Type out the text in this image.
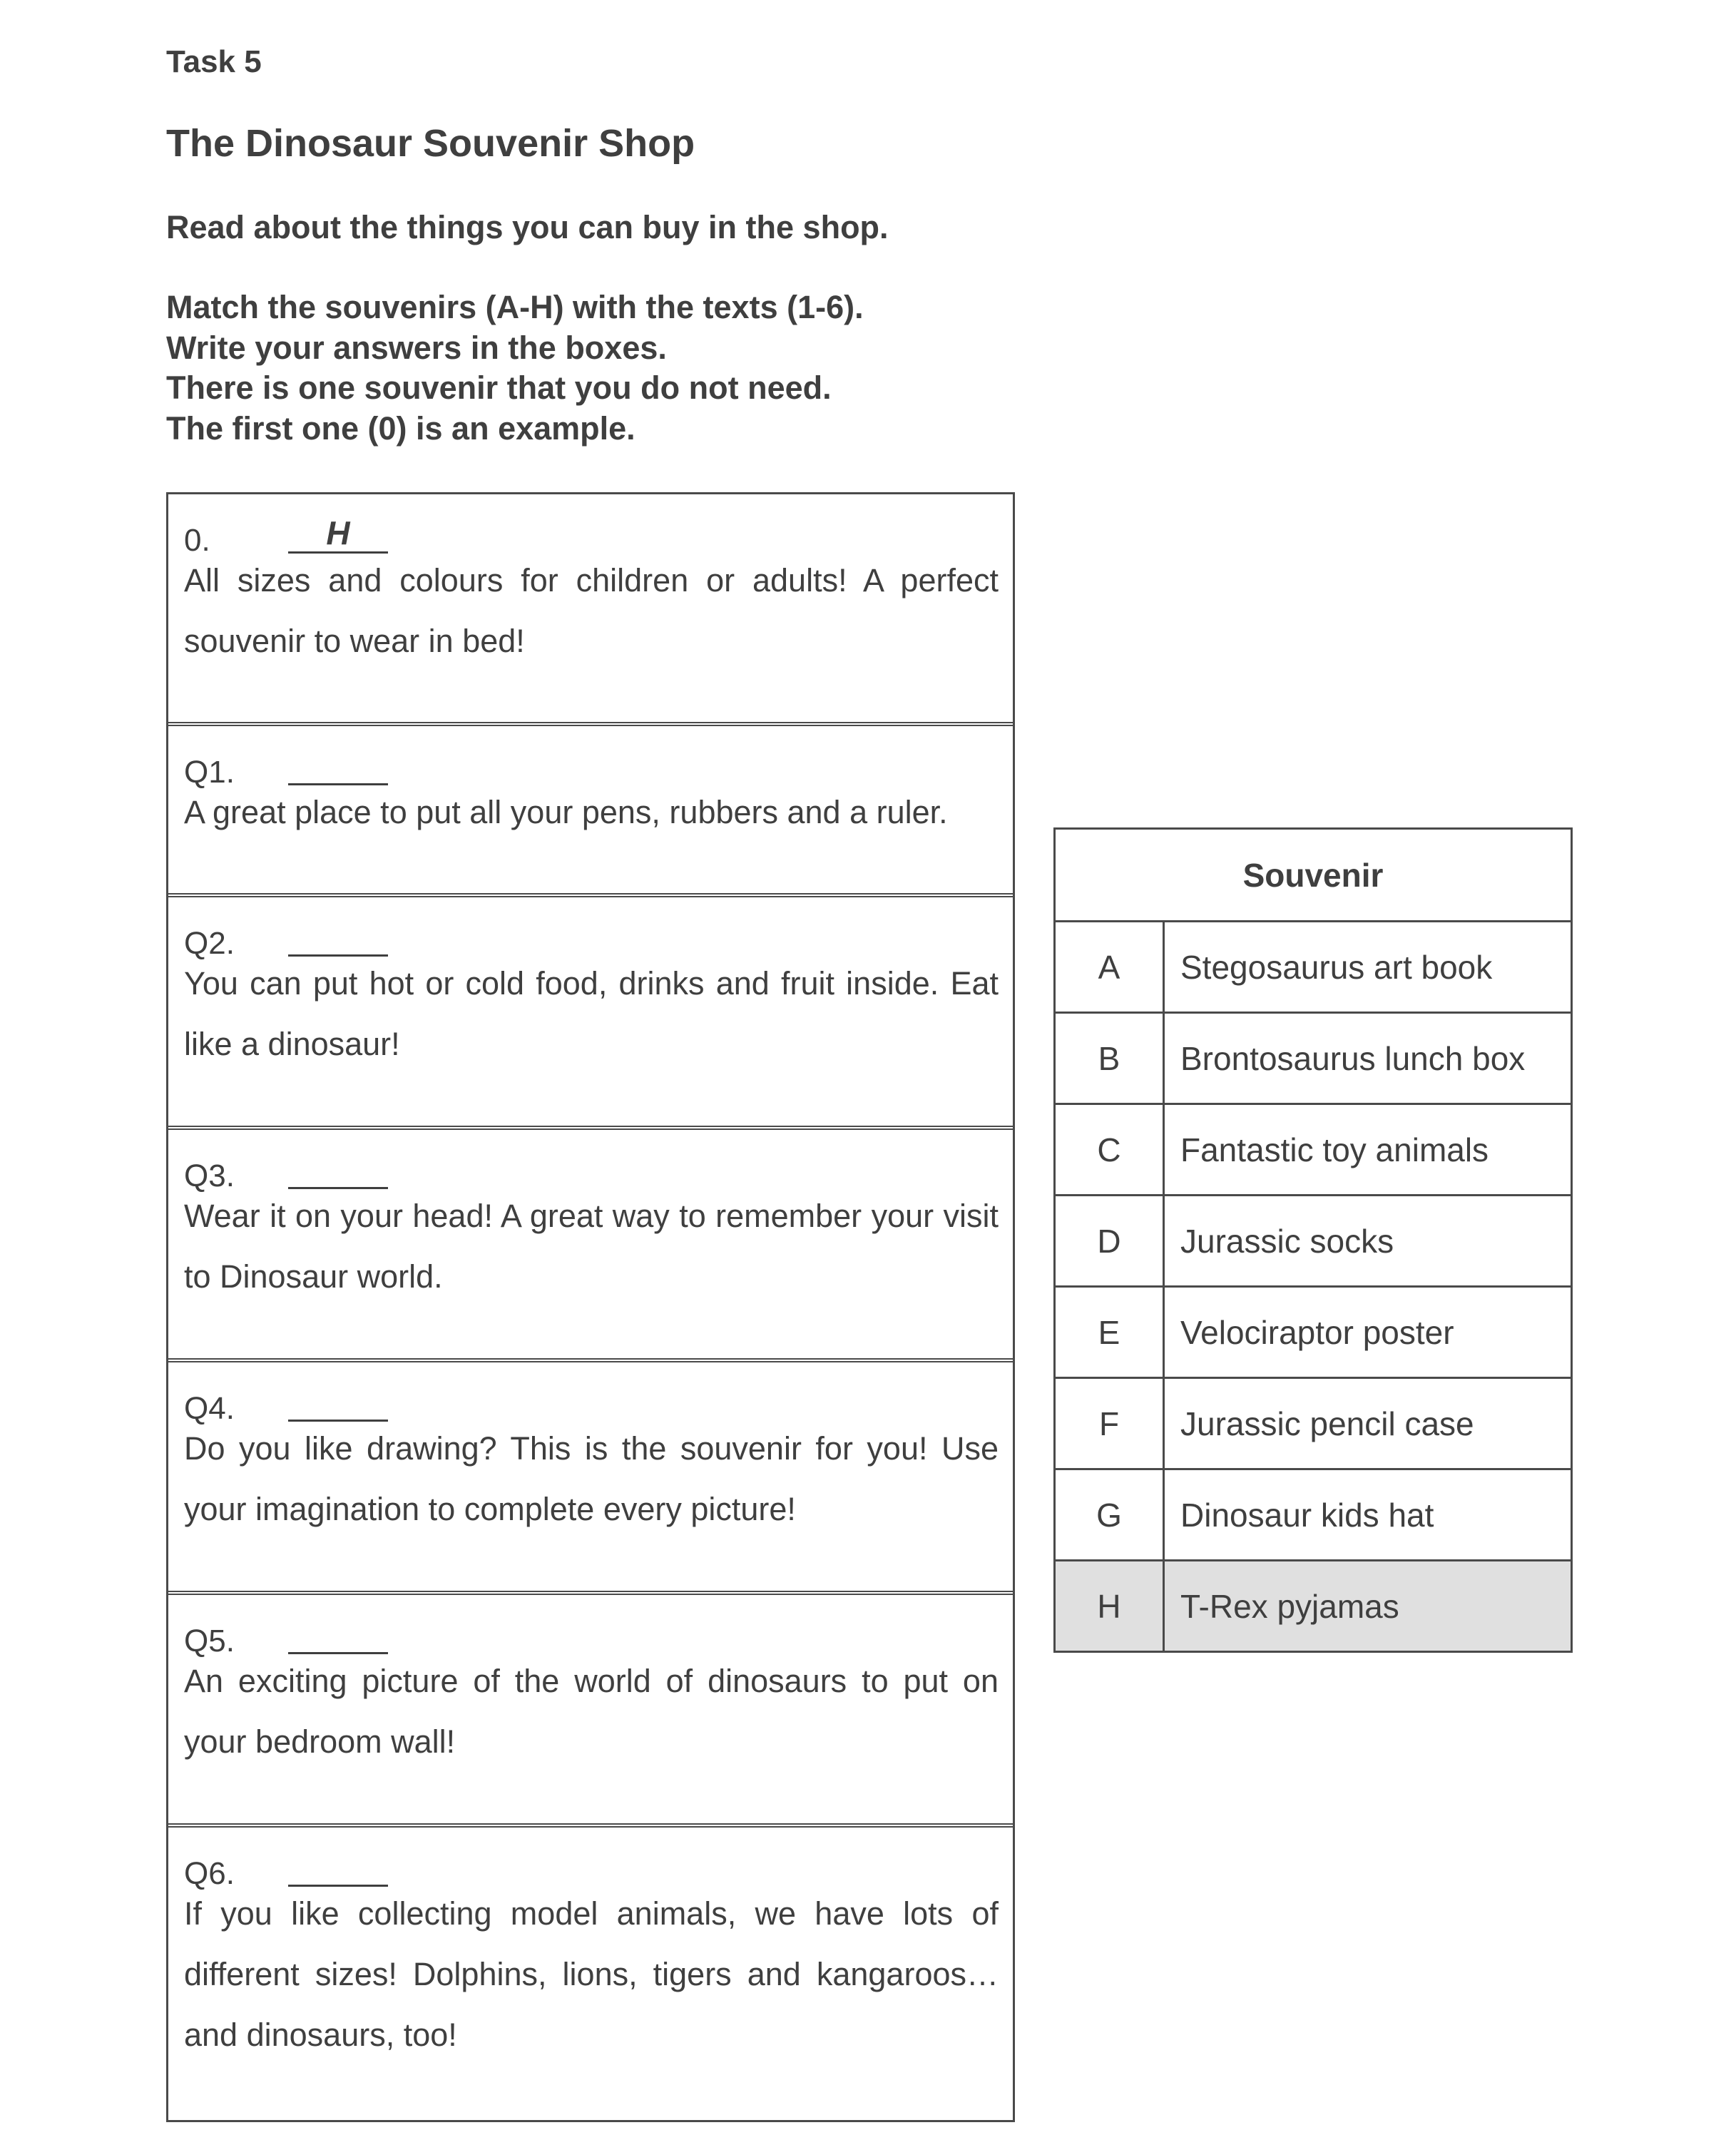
Task 5
The Dinosaur Souvenir Shop
Read about the things you can buy in the shop.
Match the souvenirs (A-H) with the texts (1-6).
Write your answers in the boxes.
There is one souvenir that you do not need.
The first one (0) is an example.
0.	H
All sizes and colours for children or adults! A perfect souvenir to wear in bed!
Q1.
A great place to put all your pens, rubbers and a ruler.
Q2.
You can put hot or cold food, drinks and fruit inside. Eat like a dinosaur!
Q3.
Wear it on your head! A great way to remember your visit to Dinosaur world.
Q4.
Do you like drawing? This is the souvenir for you! Use your imagination to complete every picture!
Q5.
An exciting picture of the world of dinosaurs to put on your bedroom wall!
Q6.
If you like collecting model animals, we have lots of different sizes! Dolphins, lions, tigers and kangaroos… and dinosaurs, too!
Souvenir	
A	Stegosaurus art book
B	Brontosaurus lunch box
C	Fantastic toy animals
D	Jurassic socks
E	Velociraptor poster
F	Jurassic pencil case
G	Dinosaur kids hat
H	T-Rex pyjamas
